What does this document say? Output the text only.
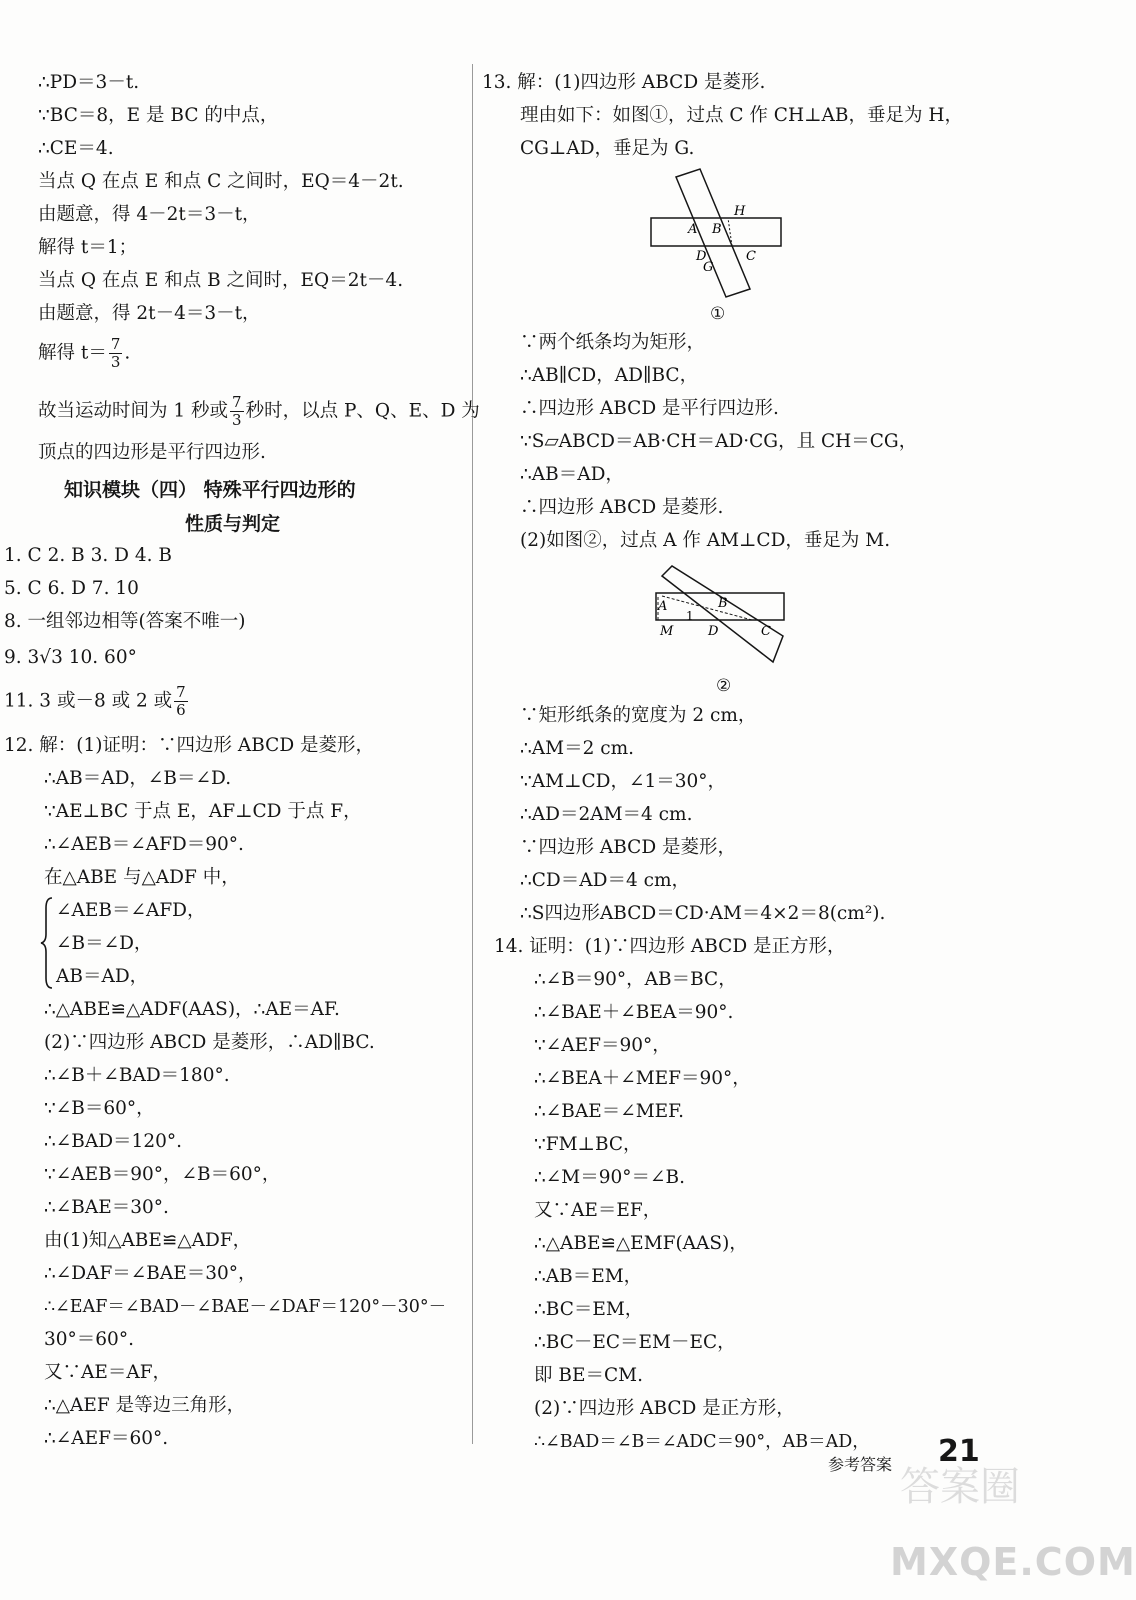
∴PD＝3－t.
∵BC＝8，E 是 BC 的中点，
∴CE＝4.
当点 Q 在点 E 和点 C 之间时，EQ＝4－2t.
由题意，得 4－2t＝3－t，
解得 t＝1；
当点 Q 在点 E 和点 B 之间时，EQ＝2t－4.
由题意，得 2t－4＝3－t，
解得 $t= \frac{7}{3}$ .
故当运动时间为 1 秒或 $\frac{7}{3}$ 秒时，以点 P、Q、E、D 为
顶点的四边形是平行四边形.
知识模块（四） 特殊平行四边形的
性质与判定
1. C 2. B 3. D 4. B
5. C 6. D 7. 10
8. 一组邻边相等(答案不唯一)
9. 3√3 10. 60°
11. 3 或－8 或 2 或 $\frac{7}{6}$
12. 解：(1)证明：∵四边形 ABCD 是菱形，
∴AB＝AD，∠B＝∠D.
∵AE⊥BC 于点 E，AF⊥CD 于点 F，
∴∠AEB＝∠AFD＝90°.
在△ABE 与△ADF 中，
∠AEB＝∠AFD，
∠B＝∠D，
AB＝AD，
∴△ABE≌△ADF(AAS)，∴AE＝AF.
(2)∵四边形 ABCD 是菱形，∴AD∥BC.
∴∠B＋∠BAD＝180°.
∵∠B＝60°，
∴∠BAD＝120°.
∵∠AEB＝90°，∠B＝60°，
∴∠BAE＝30°.
由(1)知△ABE≌△ADF，
∴∠DAF＝∠BAE＝30°，
∴∠EAF＝∠BAD－∠BAE－∠DAF＝120°－30°－
30°＝60°.
又∵AE＝AF，
∴△AEF 是等边三角形，
∴∠AEF＝60°.
13. 解：(1)四边形 ABCD 是菱形.
理由如下：如图①，过点 C 作 CH⊥AB，垂足为 H，
CG⊥AD，垂足为 G.
A B
H
D
G
C
①
∵两个纸条均为矩形，
∴AB∥CD，AD∥BC，
∴四边形 ABCD 是平行四边形.
∵S▱ABCD＝AB·CH＝AD·CG，且 CH＝CG，
∴AB＝AD，
∴四边形 ABCD 是菱形.
(2)如图②，过点 A 作 AM⊥CD，垂足为 M.
A	B
1
M	D	C
②
∵矩形纸条的宽度为 2 cm，
∴AM＝2 cm.
∵AM⊥CD，∠1＝30°，
∴AD＝2AM＝4 cm.
∵四边形 ABCD 是菱形，
∴CD＝AD＝4 cm，
∴S四边形ABCD＝CD·AM＝4×2＝8(cm²).
14. 证明：(1)∵四边形 ABCD 是正方形，
∴∠B＝90°，AB＝BC，
∴∠BAE＋∠BEA＝90°.
∵∠AEF＝90°，
∴∠BEA＋∠MEF＝90°，
∴∠BAE＝∠MEF.
∵FM⊥BC，
∴∠M＝90°＝∠B.
又∵AE＝EF，
∴△ABE≌△EMF(AAS)，
∴AB＝EM，
∴BC＝EM，
∴BC－EC＝EM－EC，
即 BE＝CM.
(2)∵四边形 ABCD 是正方形，
∴∠BAD＝∠B＝∠ADC＝90°，AB＝AD，
参考答案 21
答案圈
MXQE.COM
